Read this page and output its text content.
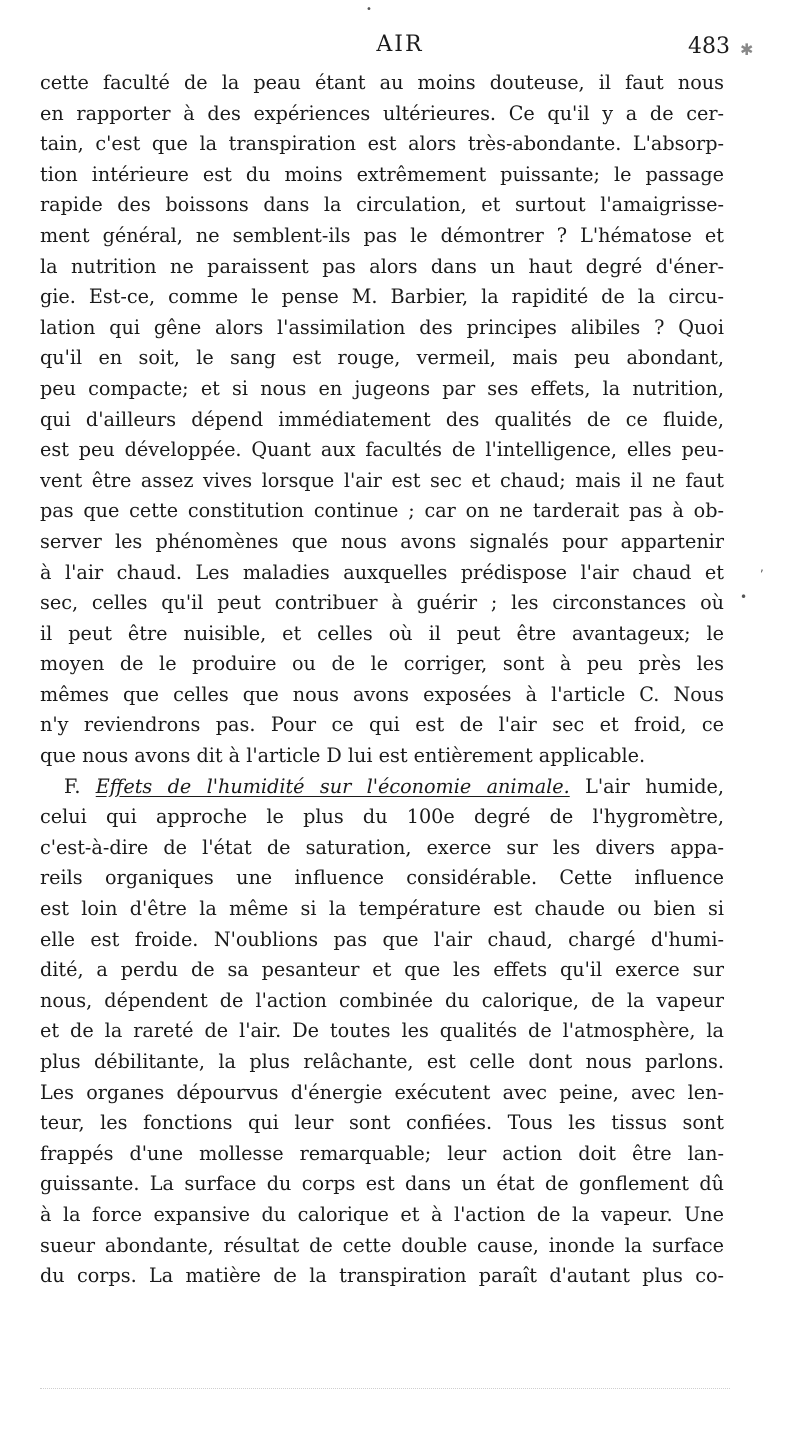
•
AIR	483 ✱
,
•
cette faculté de la peau étant au moins douteuse, il faut nous
en rapporter à des expériences ultérieures. Ce qu'il y a de cer-
tain, c'est que la transpiration est alors très-abondante. L'absorp-
tion intérieure est du moins extrêmement puissante; le passage
rapide des boissons dans la circulation, et surtout l'amaigrisse-
ment général, ne semblent-ils pas le démontrer ? L'hématose et
la nutrition ne paraissent pas alors dans un haut degré d'éner-
gie. Est-ce, comme le pense M. Barbier, la rapidité de la circu-
lation qui gêne alors l'assimilation des principes alibiles ? Quoi
qu'il en soit, le sang est rouge, vermeil, mais peu abondant,
peu compacte; et si nous en jugeons par ses effets, la nutrition,
qui d'ailleurs dépend immédiatement des qualités de ce fluide,
est peu développée. Quant aux facultés de l'intelligence, elles peu-
vent être assez vives lorsque l'air est sec et chaud; mais il ne faut
pas que cette constitution continue ; car on ne tarderait pas à ob-
server les phénomènes que nous avons signalés pour appartenir
à l'air chaud. Les maladies auxquelles prédispose l'air chaud et
sec, celles qu'il peut contribuer à guérir ; les circonstances où
il peut être nuisible, et celles où il peut être avantageux; le
moyen de le produire ou de le corriger, sont à peu près les
mêmes que celles que nous avons exposées à l'article C. Nous
n'y reviendrons pas. Pour ce qui est de l'air sec et froid, ce
que nous avons dit à l'article D lui est entièrement applicable.
F. Effets de l'humidité sur l'économie animale. L'air humide,
celui qui approche le plus du 100e degré de l'hygromètre,
c'est-à-dire de l'état de saturation, exerce sur les divers appa-
reils organiques une influence considérable. Cette influence
est loin d'être la même si la température est chaude ou bien si
elle est froide. N'oublions pas que l'air chaud, chargé d'humi-
dité, a perdu de sa pesanteur et que les effets qu'il exerce sur
nous, dépendent de l'action combinée du calorique, de la vapeur
et de la rareté de l'air. De toutes les qualités de l'atmosphère, la
plus débilitante, la plus relâchante, est celle dont nous parlons.
Les organes dépourvus d'énergie exécutent avec peine, avec len-
teur, les fonctions qui leur sont confiées. Tous les tissus sont
frappés d'une mollesse remarquable; leur action doit être lan-
guissante. La surface du corps est dans un état de gonflement dû
à la force expansive du calorique et à l'action de la vapeur. Une
sueur abondante, résultat de cette double cause, inonde la surface
du corps. La matière de la transpiration paraît d'autant plus co-
